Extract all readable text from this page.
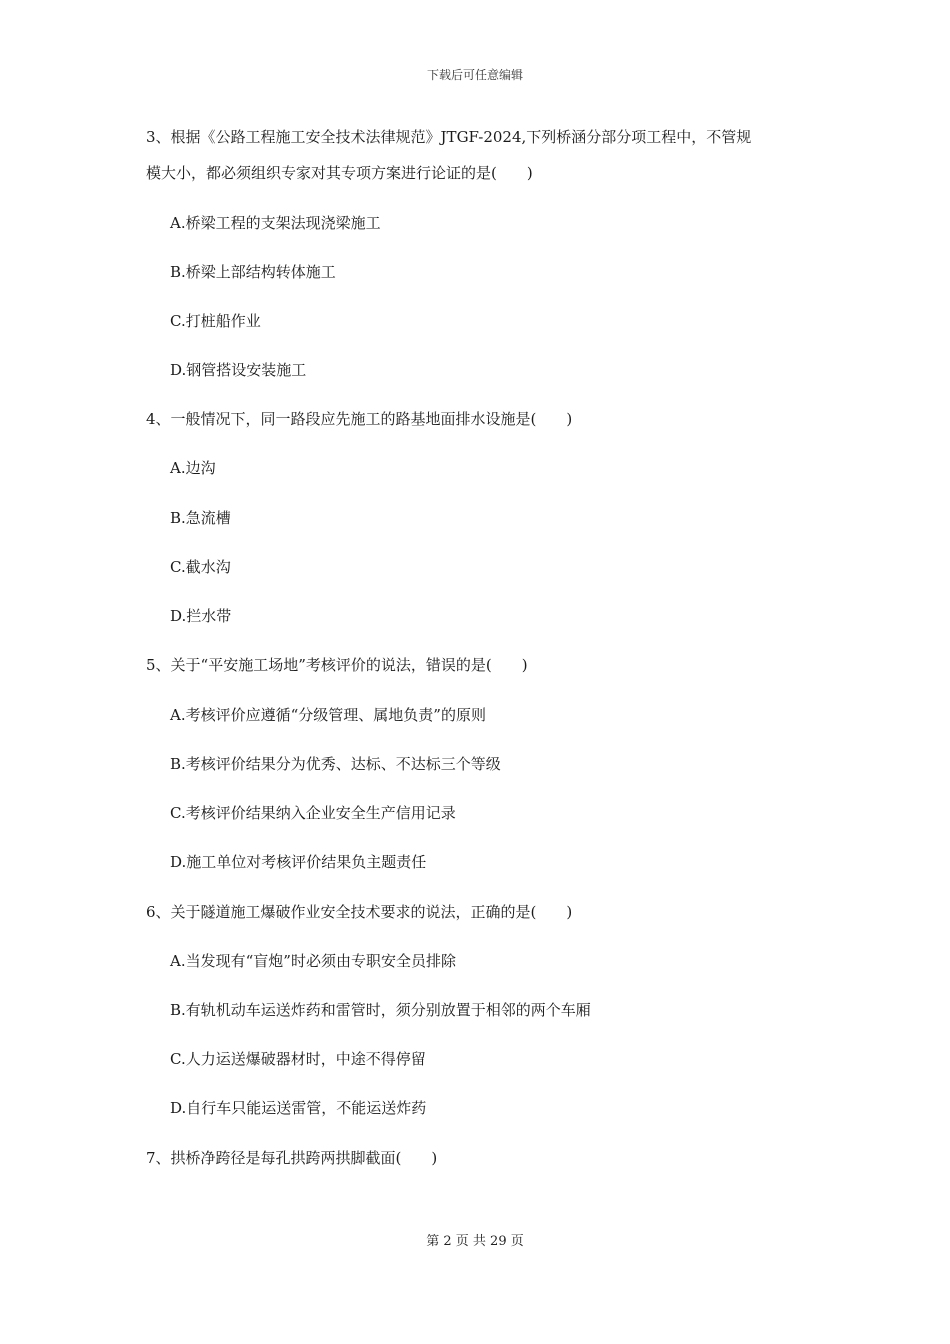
下载后可任意编辑
3、根据《公路工程施工安全技术法律规范》JTGF-2024,下列桥涵分部分项工程中，不管规
模大小，都必须组织专家对其专项方案进行论证的是(　　)
A.桥梁工程的支架法现浇梁施工
B.桥梁上部结构转体施工
C.打桩船作业
D.钢管搭设安装施工
4、一般情况下，同一路段应先施工的路基地面排水设施是(　　)
A.边沟
B.急流槽
C.截水沟
D.拦水带
5、关于“平安施工场地”考核评价的说法，错误的是(　　)
A.考核评价应遵循“分级管理、属地负责”的原则
B.考核评价结果分为优秀、达标、不达标三个等级
C.考核评价结果纳入企业安全生产信用记录
D.施工单位对考核评价结果负主题责任
6、关于隧道施工爆破作业安全技术要求的说法，正确的是(　　)
A.当发现有“盲炮”时必须由专职安全员排除
B.有轨机动车运送炸药和雷管时，须分别放置于相邻的两个车厢
C.人力运送爆破器材时，中途不得停留
D.自行车只能运送雷管，不能运送炸药
7、拱桥净跨径是每孔拱跨两拱脚截面(　　)
第 2 页 共 29 页
